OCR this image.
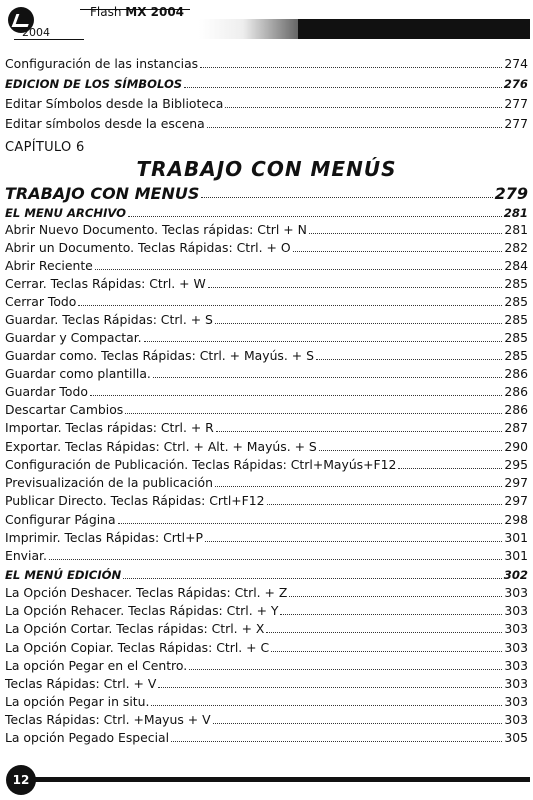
Flash MX 2004
2004
Configuración de las instancias	274
EDICION DE LOS SÍMBOLOS	276
Editar Símbolos desde la Biblioteca	277
Editar símbolos desde la escena	277
TRABAJO CON MENUS	279
EL MENU ARCHIVO	281
Abrir Nuevo Documento. Teclas rápidas: Ctrl + N	281
Abrir un Documento. Teclas Rápidas: Ctrl. + O	282
Abrir Reciente	284
Cerrar. Teclas Rápidas: Ctrl. + W	285
Cerrar Todo	285
Guardar. Teclas Rápidas: Ctrl. + S	285
Guardar y Compactar.	285
Guardar como. Teclas Rápidas: Ctrl. + Mayús. + S	285
Guardar como plantilla.	286
Guardar Todo	286
Descartar Cambios	286
Importar. Teclas rápidas: Ctrl. + R	287
Exportar. Teclas Rápidas: Ctrl. + Alt. + Mayús. + S	290
Configuración de Publicación. Teclas Rápidas: Ctrl+Mayús+F12	295
Previsualización de la publicación	297
Publicar Directo. Teclas Rápidas: Crtl+F12	297
Configurar Página	298
Imprimir. Teclas Rápidas: Crtl+P	301
Enviar.	301
EL MENÚ EDICIÓN	302
La Opción Deshacer. Teclas Rápidas: Ctrl. + Z	303
La Opción Rehacer. Teclas Rápidas: Ctrl. + Y	303
La Opción Cortar. Teclas rápidas: Ctrl. + X	303
La Opción Copiar. Teclas Rápidas: Ctrl. + C	303
La opción Pegar en el Centro.	303
Teclas Rápidas: Ctrl. + V	303
La opción Pegar in situ.	303
Teclas Rápidas: Ctrl. +Mayus + V	303
La opción Pegado Especial	305
CAPÍTULO 6
TRABAJO CON MENÚS
12
